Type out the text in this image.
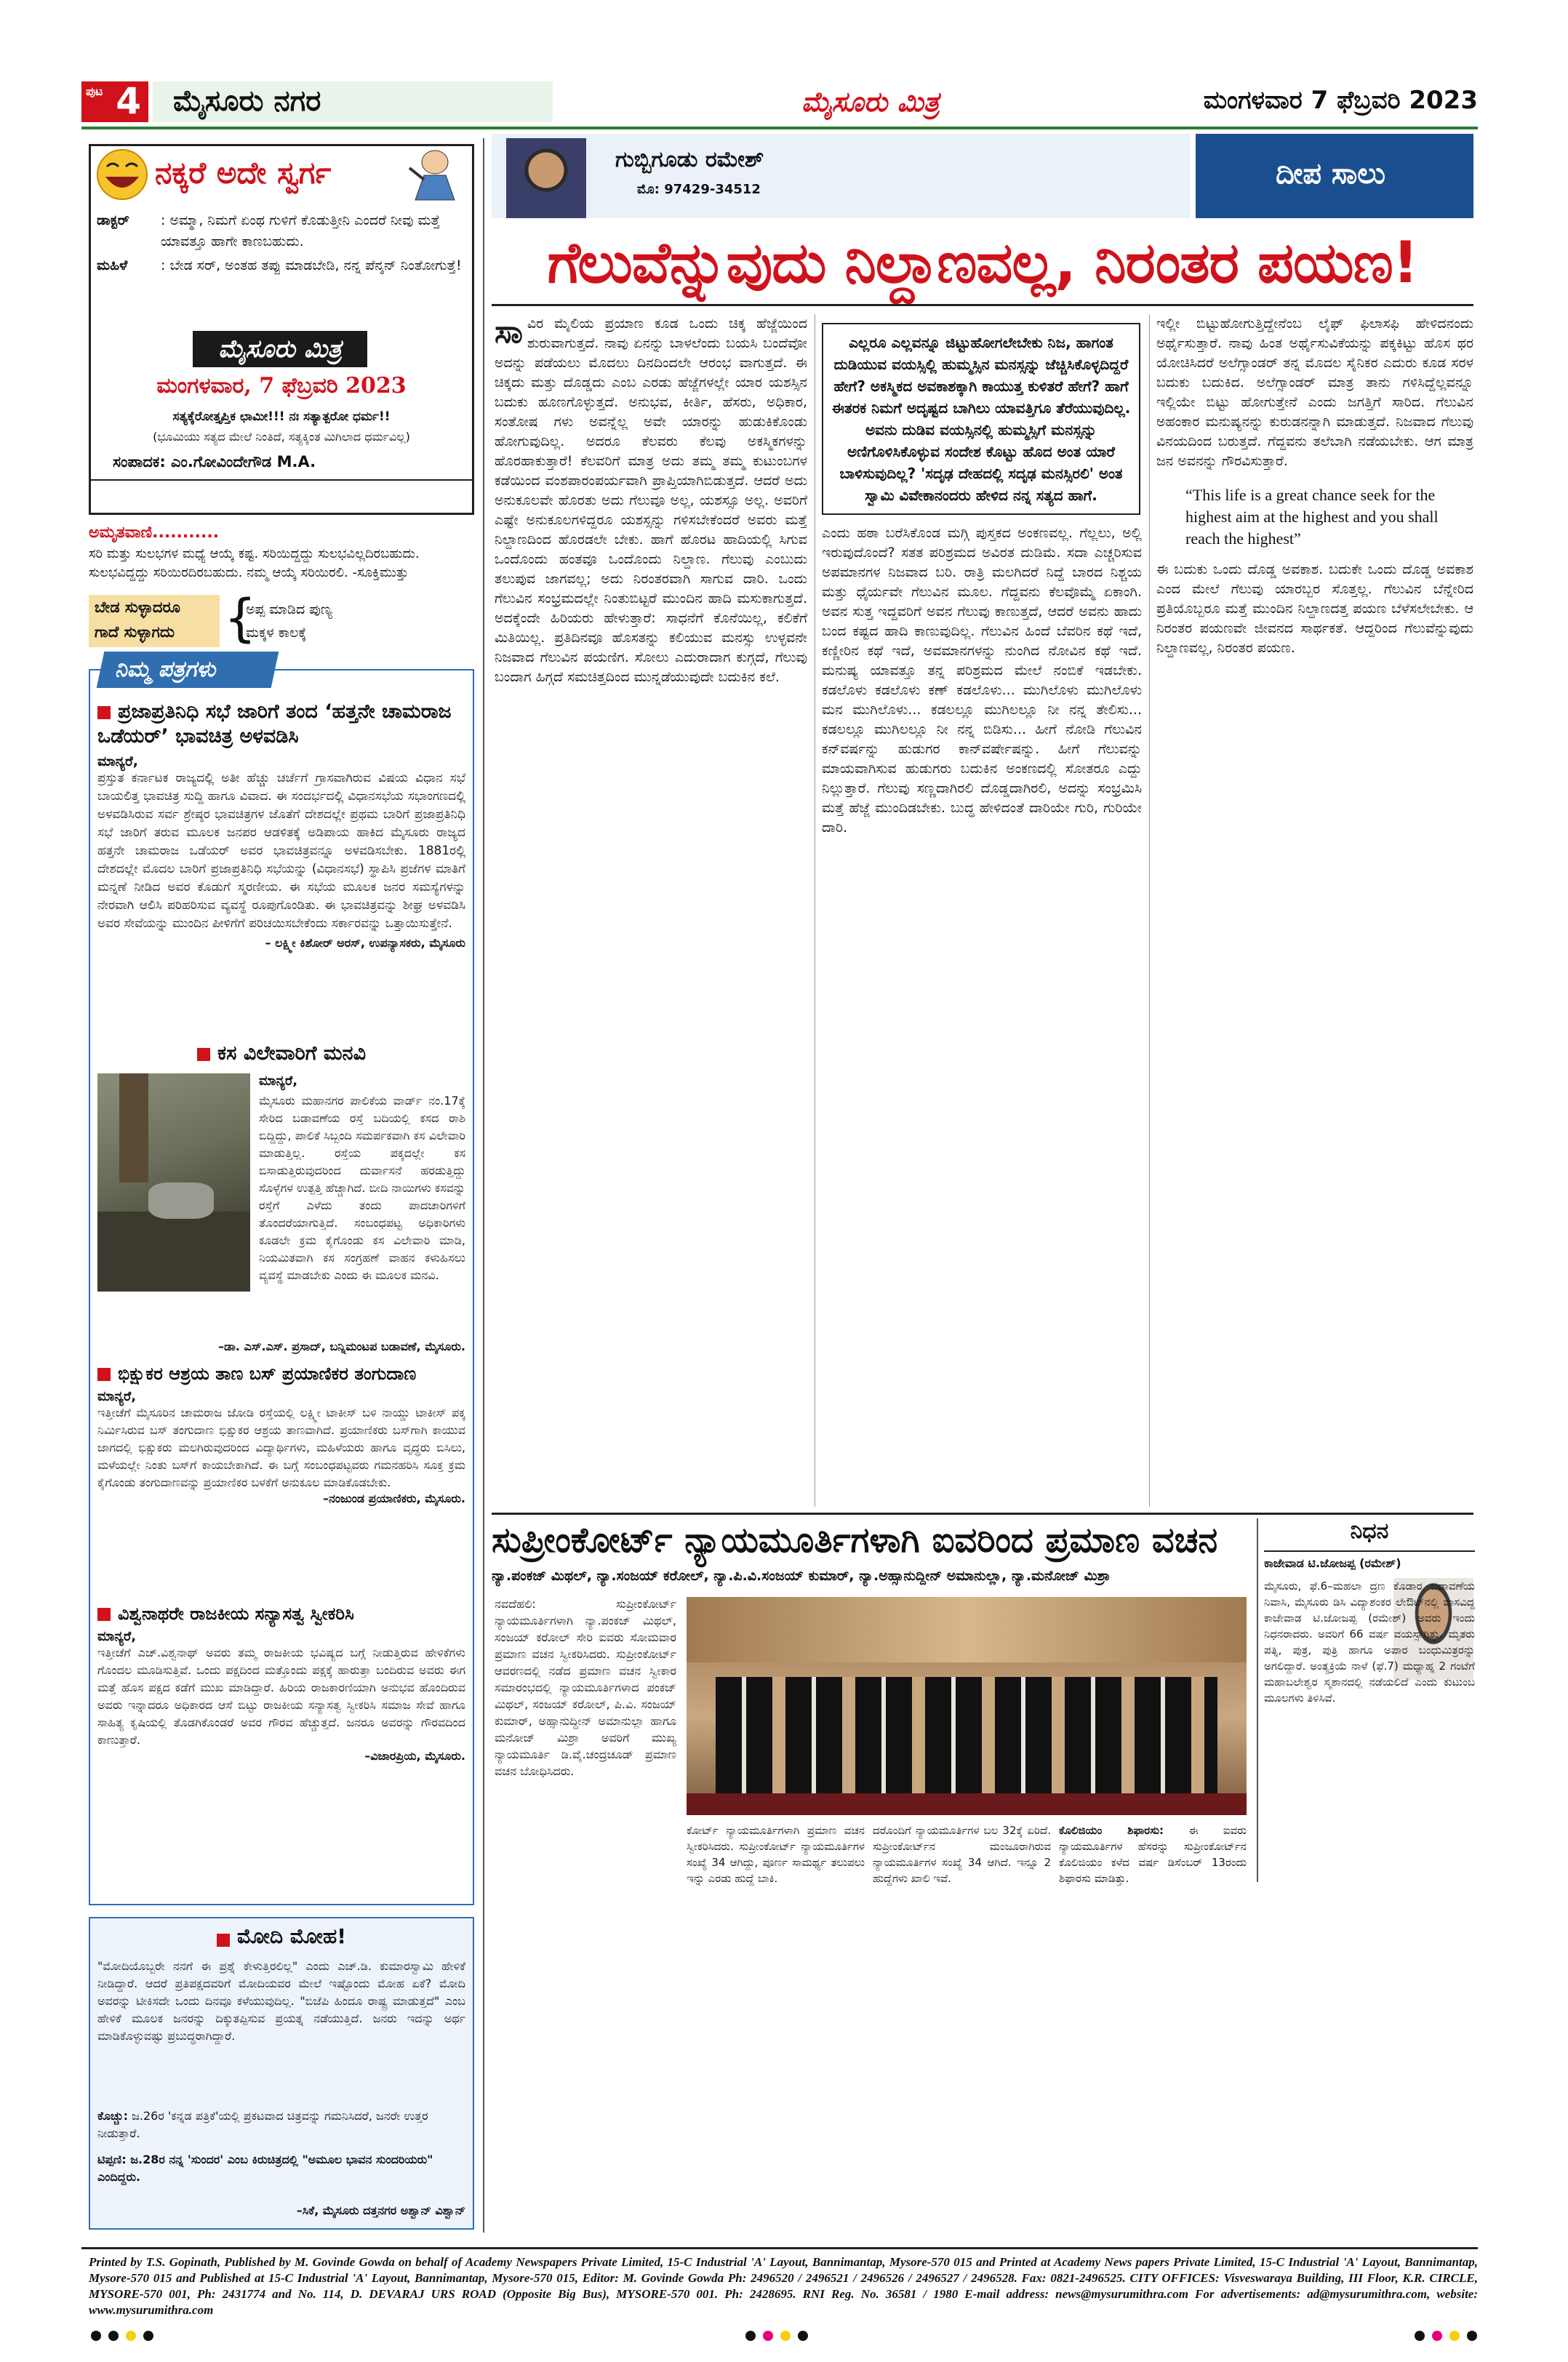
ಪುಟ 4 ಮೈಸೂರು ನಗರ	ಮೈಸೂರು ಮಿತ್ರ	ಮಂಗಳವಾರ 7 ಫೆಬ್ರವರಿ 2023
ನಕ್ಕರೆ ಅದೇ ಸ್ವರ್ಗ
ಡಾಕ್ಟರ್	: ಅಮ್ಮಾ, ನಿಮಗೆ ಏಂಥ ಗುಳಿಗೆ ಕೊಡುತ್ತೀನಿ ಎಂದರೆ ನೀವು ಮತ್ತೆ ಯಾವತ್ತೂ ಹಾಗೇ ಕಾಣಬಹುದು.
ಮಹಿಳೆ	: ಬೇಡ ಸರ್, ಅಂತಹ ತಪ್ಪು ಮಾಡಬೇಡಿ, ನನ್ನ ಪೆನ್ಶನ್ ನಿಂತೋಗುತ್ತೆ!
ಮೈಸೂರು ಮಿತ್ರ
ಮಂಗಳವಾರ, 7 ಫೆಬ್ರವರಿ 2023
ಸತ್ಯಕ್ಕೆರೋತ್ತೃಪ್ತಿಕ ಛಾಮೀ!!! ನಃ ಸತ್ಯಾತ್ಪರೋ ಧರ್ಮ!!
(ಭೂಮಿಯು ಸತ್ಯದ ಮೇಲೆ ನಿಂತಿದೆ, ಸತ್ಯಕ್ಕಿಂತ ಮಿಗಿಲಾದ ಧರ್ಮವಿಲ್ಲ)
ಸಂಪಾದಕ: ಎಂ.ಗೋವಿಂದೇಗೌಡ M.A.
ಅಮೃತವಾಣಿ...........
ಸರಿ ಮತ್ತು ಸುಲಭಗಳ ಮಧ್ಯೆ ಆಯ್ಕೆ ಕಷ್ಟ. ಸರಿಯಿದ್ದದ್ದು ಸುಲಭವಿಲ್ಲದಿರಬಹುದು. ಸುಲಭವಿದ್ದದ್ದು ಸರಿಯಿರದಿರಬಹುದು. ನಮ್ಮ ಆಯ್ಕೆ ಸರಿಯಿರಲಿ. -ಸೂಕ್ತಿಮುತ್ತು
ಬೇಡ ಸುಳ್ಳಾದರೂ
ಗಾದೆ ಸುಳ್ಳಾಗದು {
ಅಪ್ಪ ಮಾಡಿದ ಪುಣ್ಯ
ಮಕ್ಕಳ ಕಾಲಕ್ಕೆ
ನಿಮ್ಮ ಪತ್ರಗಳು
ಪ್ರಜಾಪ್ರತಿನಿಧಿ ಸಭೆ ಜಾರಿಗೆ ತಂದ ‘ಹತ್ತನೇ ಚಾಮರಾಜ ಒಡೆಯರ್’ ಭಾವಚಿತ್ರ ಅಳವಡಿಸಿ
ಮಾನ್ಯರೆ,
ಪ್ರಸ್ತುತ ಕರ್ನಾಟಕ ರಾಜ್ಯದಲ್ಲಿ ಅತೀ ಹೆಚ್ಚು ಚರ್ಚೆಗೆ ಗ್ರಾಸವಾಗಿರುವ ವಿಷಯ ವಿಧಾನ ಸಭೆ ಬಾಯಲಿತ್ತ ಭಾವಚಿತ್ರ ಸುದ್ದಿ ಹಾಗೂ ವಿವಾದ. ಈ ಸಂದರ್ಭದಲ್ಲಿ ವಿಧಾನಸಭೆಯ ಸಭಾಂಗಣದಲ್ಲಿ ಅಳವಡಿಸಿರುವ ಸರ್ವ ಶ್ರೇಷ್ಠರ ಭಾವಚಿತ್ರಗಳ ಜೊತೆಗೆ ದೇಶದಲ್ಲೇ ಪ್ರಥಮ ಬಾರಿಗೆ ಪ್ರಜಾಪ್ರತಿನಿಧಿ ಸಭೆ ಜಾರಿಗೆ ತರುವ ಮೂಲಕ ಜನಪರ ಆಡಳಿತಕ್ಕೆ ಅಡಿಪಾಯ ಹಾಕಿದ ಮೈಸೂರು ರಾಜ್ಯದ ಹತ್ತನೇ ಚಾಮರಾಜ ಒಡೆಯರ್ ಅವರ ಭಾವಚಿತ್ರವನ್ನೂ ಅಳವಡಿಸಬೇಕು. 1881ರಲ್ಲಿ ದೇಶದಲ್ಲೇ ಮೊದಲ ಬಾರಿಗೆ ಪ್ರಜಾಪ್ರತಿನಿಧಿ ಸಭೆಯನ್ನು (ವಿಧಾನಸಭೆ) ಸ್ಥಾಪಿಸಿ ಪ್ರಜೆಗಳ ಮಾತಿಗೆ ಮನ್ನಣೆ ನೀಡಿದ ಅವರ ಕೊಡುಗೆ ಸ್ಮರಣೀಯ. ಈ ಸಭೆಯ ಮೂಲಕ ಜನರ ಸಮಸ್ಯೆಗಳನ್ನು ನೇರವಾಗಿ ಆಲಿಸಿ ಪರಿಹರಿಸುವ ವ್ಯವಸ್ಥೆ ರೂಪುಗೊಂಡಿತು. ಈ ಭಾವಚಿತ್ರವನ್ನು ಶೀಘ್ರ ಅಳವಡಿಸಿ ಅವರ ಸೇವೆಯನ್ನು ಮುಂದಿನ ಪೀಳಿಗೆಗೆ ಪರಿಚಯಿಸಬೇಕೆಂದು ಸರ್ಕಾರವನ್ನು ಒತ್ತಾಯಿಸುತ್ತೇನೆ.
– ಲಕ್ಷ್ಮೀ ಕಿಶೋರ್ ಅರಸ್, ಉಪನ್ಯಾಸಕರು, ಮೈಸೂರು
ಕಸ ವಿಲೇವಾರಿಗೆ ಮನವಿ
ಮಾನ್ಯರೆ,
ಮೈಸೂರು ಮಹಾನಗರ ಪಾಲಿಕೆಯ ವಾರ್ಡ್ ನಂ.17ಕ್ಕೆ ಸೇರಿದ ಬಡಾವಣೆಯ ರಸ್ತೆ ಬದಿಯಲ್ಲಿ ಕಸದ ರಾಶಿ ಬಿದ್ದಿದ್ದು, ಪಾಲಿಕೆ ಸಿಬ್ಬಂದಿ ಸಮರ್ಪಕವಾಗಿ ಕಸ ವಿಲೇವಾರಿ ಮಾಡುತ್ತಿಲ್ಲ. ರಸ್ತೆಯ ಪಕ್ಕದಲ್ಲೇ ಕಸ ಬಿಸಾಡುತ್ತಿರುವುದರಿಂದ ದುರ್ವಾಸನೆ ಹರಡುತ್ತಿದ್ದು ಸೊಳ್ಳೆಗಳ ಉತ್ಪತ್ತಿ ಹೆಚ್ಚಾಗಿದೆ. ಬೀದಿ ನಾಯಿಗಳು ಕಸವನ್ನು ರಸ್ತೆಗೆ ಎಳೆದು ತಂದು ಪಾದಚಾರಿಗಳಿಗೆ ತೊಂದರೆಯಾಗುತ್ತಿದೆ. ಸಂಬಂಧಪಟ್ಟ ಅಧಿಕಾರಿಗಳು ಕೂಡಲೇ ಕ್ರಮ ಕೈಗೊಂಡು ಕಸ ವಿಲೇವಾರಿ ಮಾಡಿ, ನಿಯಮಿತವಾಗಿ ಕಸ ಸಂಗ್ರಹಣೆ ವಾಹನ ಕಳುಹಿಸಲು ವ್ಯವಸ್ಥೆ ಮಾಡಬೇಕು ಎಂದು ಈ ಮೂಲಕ ಮನವಿ.
–ಡಾ. ಎಸ್.ಎಸ್. ಪ್ರಸಾದ್, ಬನ್ನಿಮಂಟಪ ಬಡಾವಣೆ, ಮೈಸೂರು.
ಭಿಕ್ಷುಕರ ಆಶ್ರಯ ತಾಣ ಬಸ್ ಪ್ರಯಾಣಿಕರ ತಂಗುದಾಣ
ಮಾನ್ಯರೆ,
ಇತ್ತೀಚೆಗೆ ಮೈಸೂರಿನ ಚಾಮರಾಜ ಜೋಡಿ ರಸ್ತೆಯಲ್ಲಿ ಲಕ್ಷ್ಮೀ ಟಾಕೀಸ್ ಬಳಿ ನಾಯ್ಡು ಟಾಕೀಸ್ ಪಕ್ಕ ನಿರ್ಮಿಸಿರುವ ಬಸ್ ತಂಗುದಾಣ ಭಿಕ್ಷುಕರ ಆಶ್ರಯ ತಾಣವಾಗಿದೆ. ಪ್ರಯಾಣಿಕರು ಬಸ್‌ಗಾಗಿ ಕಾಯುವ ಜಾಗದಲ್ಲಿ ಭಿಕ್ಷುಕರು ಮಲಗಿರುವುದರಿಂದ ವಿದ್ಯಾರ್ಥಿಗಳು, ಮಹಿಳೆಯರು ಹಾಗೂ ವೃದ್ಧರು ಬಿಸಿಲು, ಮಳೆಯಲ್ಲೇ ನಿಂತು ಬಸ್‌ಗೆ ಕಾಯಬೇಕಾಗಿದೆ. ಈ ಬಗ್ಗೆ ಸಂಬಂಧಪಟ್ಟವರು ಗಮನಹರಿಸಿ ಸೂಕ್ತ ಕ್ರಮ ಕೈಗೊಂಡು ತಂಗುದಾಣವನ್ನು ಪ್ರಯಾಣಿಕರ ಬಳಕೆಗೆ ಅನುಕೂಲ ಮಾಡಿಕೊಡಬೇಕು.
–ನಂಜುಂಡ ಪ್ರಯಾಣಿಕರು, ಮೈಸೂರು.
ವಿಶ್ವನಾಥರೇ ರಾಜಕೀಯ ಸನ್ಯಾಸತ್ವ ಸ್ವೀಕರಿಸಿ
ಮಾನ್ಯರೆ,
ಇತ್ತೀಚೆಗೆ ಎಚ್.ವಿಶ್ವನಾಥ್ ಅವರು ತಮ್ಮ ರಾಜಕೀಯ ಭವಿಷ್ಯದ ಬಗ್ಗೆ ನೀಡುತ್ತಿರುವ ಹೇಳಿಕೆಗಳು ಗೊಂದಲ ಮೂಡಿಸುತ್ತಿವೆ. ಒಂದು ಪಕ್ಷದಿಂದ ಮತ್ತೊಂದು ಪಕ್ಷಕ್ಕೆ ಹಾರುತ್ತಾ ಬಂದಿರುವ ಅವರು ಈಗ ಮತ್ತೆ ಹೊಸ ಪಕ್ಷದ ಕಡೆಗೆ ಮುಖ ಮಾಡಿದ್ದಾರೆ. ಹಿರಿಯ ರಾಜಕಾರಣಿಯಾಗಿ ಅನುಭವ ಹೊಂದಿರುವ ಅವರು ಇನ್ನಾದರೂ ಅಧಿಕಾರದ ಆಸೆ ಬಿಟ್ಟು ರಾಜಕೀಯ ಸನ್ಯಾಸತ್ವ ಸ್ವೀಕರಿಸಿ ಸಮಾಜ ಸೇವೆ ಹಾಗೂ ಸಾಹಿತ್ಯ ಕೃಷಿಯಲ್ಲಿ ತೊಡಗಿಕೊಂಡರೆ ಅವರ ಗೌರವ ಹೆಚ್ಚುತ್ತದೆ. ಜನರೂ ಅವರನ್ನು ಗೌರವದಿಂದ ಕಾಣುತ್ತಾರೆ.
–ವಿಜಾರಪ್ರಿಯ, ಮೈಸೂರು.
ಮೋದಿ ಮೋಹ!
"ಮೋದಿಯೊಬ್ಬರೇ ನನಗೆ ಈ ಪ್ರಶ್ನೆ ಕೇಳುತ್ತಿರಲಿಲ್ಲ" ಎಂದು ಎಚ್.ಡಿ. ಕುಮಾರಸ್ವಾಮಿ ಹೇಳಿಕೆ ನೀಡಿದ್ದಾರೆ. ಆದರೆ ಪ್ರತಿಪಕ್ಷದವರಿಗೆ ಮೋದಿಯವರ ಮೇಲೆ ಇಷ್ಟೊಂದು ಮೋಹ ಏಕೆ? ಮೋದಿ ಅವರನ್ನು ಟೀಕಿಸದೇ ಒಂದು ದಿನವೂ ಕಳೆಯುವುದಿಲ್ಲ. "ಬಿಜೆಪಿ ಹಿಂದೂ ರಾಷ್ಟ್ರ ಮಾಡುತ್ತದೆ" ಎಂಬ ಹೇಳಿಕೆ ಮೂಲಕ ಜನರನ್ನು ದಿಕ್ಕುತಪ್ಪಿಸುವ ಪ್ರಯತ್ನ ನಡೆಯುತ್ತಿದೆ. ಜನರು ಇದನ್ನು ಅರ್ಥ ಮಾಡಿಕೊಳ್ಳುವಷ್ಟು ಪ್ರಬುದ್ಧರಾಗಿದ್ದಾರೆ.
ಕೊಚ್ಚು: ಜ.26ರ 'ಕನ್ನಡ ಪತ್ರಿಕೆ'ಯಲ್ಲಿ ಪ್ರಕಟವಾದ ಚಿತ್ರವನ್ನು ಗಮನಿಸಿದರೆ, ಜನರೇ ಉತ್ತರ ನೀಡುತ್ತಾರೆ.
ಟಿಪ್ಪಣಿ: ಜ.28ರ ನನ್ನ 'ಸುಂದರ' ಎಂಬ ಕಿರುಚಿತ್ರದಲ್ಲಿ "ಅಮೂಲ ಭಾವನ ಸುಂದರಿಯರು" ಎಂದಿದ್ದರು.
–ಸಿಕೆ, ಮೈಸೂರು ದತ್ತನಗರ ಅಶ್ವಾನ್ ವಿಶ್ವಾನ್
ಗುಬ್ಬಿಗೂಡು ರಮೇಶ್
ಮೊ: 97429-34512	ದೀಪ ಸಾಲು
ಗೆಲುವೆನ್ನುವುದು ನಿಲ್ದಾಣವಲ್ಲ, ನಿರಂತರ ಪಯಣ!
ಸಾ ವಿರ ಮೈಲಿಯ ಪ್ರಯಾಣ ಕೂಡ ಒಂದು ಚಿಕ್ಕ ಹೆಜ್ಜೆಯಿಂದ ಶುರುವಾಗುತ್ತದೆ. ನಾವು ಏನನ್ನು ಬಾಳಲೆಂದು ಬಯಸಿ ಬಂದೆವೋ ಅದನ್ನು ಪಡೆಯಲು ಮೊದಲು ದಿನದಿಂದಲೇ ಆರಂಭ ವಾಗುತ್ತದೆ. ಈ ಚಿಕ್ಕದು ಮತ್ತು ದೊಡ್ಡದು ಎಂಬ ಎರಡು ಹೆಜ್ಜೆಗಳಲ್ಲೇ ಯಾರ ಯಶಸ್ಸಿನ ಬದುಕು ಹೂಣಗೊಳ್ಳುತ್ತದೆ. ಅನುಭವ, ಕೀರ್ತಿ, ಹೆಸರು, ಅಧಿಕಾರ, ಸಂತೋಷ ಗಳು ಅವನ್ನೆಲ್ಲ ಅವೇ ಯಾರನ್ನು ಹುಡುಕಿಕೊಂಡು ಹೋಗುವುದಿಲ್ಲ. ಅದರೂ ಕೆಲವರು ಕೆಲವು ಅಕಸ್ಮಿಕಗಳನ್ನು ಹೊರಹಾಕುತ್ತಾರೆ! ಕೆಲವರಿಗೆ ಮಾತ್ರ ಅದು ತಮ್ಮ ತಮ್ಮ ಕುಟುಂಬಗಳ ಕಡೆಯಿಂದ ವಂಶಪಾರಂಪರ್ಯವಾಗಿ ಪ್ರಾಪ್ತಿಯಾಗಿಬಿಡುತ್ತದೆ. ಆದರೆ ಅದು ಅನುಕೂಲವೇ ಹೊರತು ಅದು ಗೆಲುವೂ ಅಲ್ಲ, ಯಶಸ್ಸೂ ಅಲ್ಲ. ಅವರಿಗೆ ಎಷ್ಟೇ ಅನುಕೂಲಗಳಿದ್ದರೂ ಯಶಸ್ಸನ್ನು ಗಳಿಸಬೇಕೆಂದರೆ ಅವರು ಮತ್ತೆ ನಿಲ್ದಾಣದಿಂದ ಹೊರಡಲೇ ಬೇಕು. ಹಾಗೆ ಹೊರಟ ಹಾದಿಯಲ್ಲಿ ಸಿಗುವ ಒಂದೊಂದು ಹಂತವೂ ಒಂದೊಂದು ನಿಲ್ದಾಣ. ಗೆಲುವು ಎಂಬುದು ತಲುಪುವ ಜಾಗವಲ್ಲ; ಅದು ನಿರಂತರವಾಗಿ ಸಾಗುವ ದಾರಿ. ಒಂದು ಗೆಲುವಿನ ಸಂಭ್ರಮದಲ್ಲೇ ನಿಂತುಬಿಟ್ಟರೆ ಮುಂದಿನ ಹಾದಿ ಮಸುಕಾಗುತ್ತದೆ. ಅದಕ್ಕೆಂದೇ ಹಿರಿಯರು ಹೇಳುತ್ತಾರೆ: ಸಾಧನೆಗೆ ಕೊನೆಯಿಲ್ಲ, ಕಲಿಕೆಗೆ ಮಿತಿಯಿಲ್ಲ. ಪ್ರತಿದಿನವೂ ಹೊಸತನ್ನು ಕಲಿಯುವ ಮನಸ್ಸು ಉಳ್ಳವನೇ ನಿಜವಾದ ಗೆಲುವಿನ ಪಯಣಿಗ. ಸೋಲು ಎದುರಾದಾಗ ಕುಗ್ಗದೆ, ಗೆಲುವು ಬಂದಾಗ ಹಿಗ್ಗದೆ ಸಮಚಿತ್ತದಿಂದ ಮುನ್ನಡೆಯುವುದೇ ಬದುಕಿನ ಕಲೆ.
ಎಲ್ಲರೂ ಎಲ್ಲವನ್ನೂ ಜಿಟ್ಟುಹೋಗಲೇಬೇಕು ನಿಜ, ಹಾಗಂತ ದುಡಿಯುವ ವಯಸ್ಸಿಲ್ಲಿ ಹುಮ್ಮಸ್ಸಿನ ಮನಸ್ಸನ್ನು ಜೆಚ್ಚಿಸಿಕೊಳ್ಳದಿದ್ದರೆ ಹೇಗೆ? ಅಕಸ್ಮಿಕದ ಅವಕಾಶಕ್ಕಾಗಿ ಕಾಯುತ್ತ ಕುಳಿತರೆ ಹೇಗೆ? ಹಾಗೆ ಈತರಕ ನಿಮಗೆ ಅದೃಷ್ಟದ ಬಾಗಿಲು ಯಾವತ್ತಿಗೂ ತೆರೆಯುವುದಿಲ್ಲ. ಅವನು ದುಡಿವ ವಯಸ್ಸಿನಲ್ಲಿ ಹುಮ್ಮಸ್ಸಿಗೆ ಮನಸ್ಸನ್ನು ಅಣಿಗೊಳಿಸಿಕೊಳ್ಳುವ ಸಂದೇಶ ಕೊಟ್ಟು ಹೊದ ಅಂತ ಯಾರೆ ಬಾಳಿಸುವುದಿಲ್ಲ? 'ಸದೃಢ ದೇಹದಲ್ಲಿ ಸದೃಢ ಮನಸ್ಸಿರಲಿ' ಅಂತ ಸ್ವಾಮಿ ವಿವೇಕಾನಂದರು ಹೇಳಿದ ನನ್ನ ಸತ್ಯದ ಹಾಗೆ.
ಎಂದು ಹಠಾ ಬರೆಸಿಕೊಂಡ ಮಗ್ಗಿ ಪುಸ್ತಕದ ಅಂಕಣವಲ್ಲ. ಗೆಲ್ಲಲು, ಅಲ್ಲಿ ಇರುವುದೊಂದೆ? ಸತತ ಪರಿಶ್ರಮದ ಅವಿರತ ದುಡಿಮೆ. ಸದಾ ಎಚ್ಚರಿಸುವ ಅಪಮಾನಗಳ ನಿಜವಾದ ಬರಿ. ರಾತ್ರಿ ಮಲಗಿದರೆ ನಿದ್ದೆ ಬಾರದ ನಿಶ್ಚಯ ಮತ್ತು ಧೈರ್ಯವೇ ಗೆಲುವಿನ ಮೂಲ. ಗೆದ್ದವನು ಕೆಲವೊಮ್ಮೆ ಏಕಾಂಗಿ. ಅವನ ಸುತ್ತ ಇದ್ದವರಿಗೆ ಅವನ ಗೆಲುವು ಕಾಣುತ್ತದೆ, ಆದರೆ ಅವನು ಹಾದು ಬಂದ ಕಷ್ಟದ ಹಾದಿ ಕಾಣುವುದಿಲ್ಲ. ಗೆಲುವಿನ ಹಿಂದೆ ಬೆವರಿನ ಕಥೆ ಇದೆ, ಕಣ್ಣೀರಿನ ಕಥೆ ಇದೆ, ಅವಮಾನಗಳನ್ನು ನುಂಗಿದ ನೋವಿನ ಕಥೆ ಇದೆ. ಮನುಷ್ಯ ಯಾವತ್ತೂ ತನ್ನ ಪರಿಶ್ರಮದ ಮೇಲೆ ನಂಬಿಕೆ ಇಡಬೇಕು. ಕಡಲೊಳು ಕಡಲೊಳು ಕಣ್ ಕಡಲೊಳು... ಮುಗಿಲೊಳು ಮುಗಿಲೊಳು ಮನ ಮುಗಿಲೊಳು... ಕಡಲಲ್ಲೂ ಮುಗಿಲಲ್ಲೂ ನೀ ನನ್ನ ತೇಲಿಸು... ಕಡಲಲ್ಲೂ ಮುಗಿಲಲ್ಲೂ ನೀ ನನ್ನ ಬಿಡಿಸು... ಹೀಗೆ ನೋಡಿ ಗೆಲುವಿನ ಕನ್‌ವರ್ಷನ್ನು ಹುಡುಗರ ಕಾನ್‌ವರ್ಷೇಷನ್ನು. ಹೀಗೆ ಗೆಲುವನ್ನು ಮಾಯವಾಗಿಸುವ ಹುಡುಗರು ಬದುಕಿನ ಅಂಕಣದಲ್ಲಿ ಸೋತರೂ ಎದ್ದು ನಿಲ್ಲುತ್ತಾರೆ. ಗೆಲುವು ಸಣ್ಣದಾಗಿರಲಿ ದೊಡ್ಡದಾಗಿರಲಿ, ಅದನ್ನು ಸಂಭ್ರಮಿಸಿ ಮತ್ತೆ ಹೆಜ್ಜೆ ಮುಂದಿಡಬೇಕು. ಬುದ್ಧ ಹೇಳಿದಂತೆ ದಾರಿಯೇ ಗುರಿ, ಗುರಿಯೇ ದಾರಿ.
ಇಲ್ಲೀ ಬಿಟ್ಟುಹೋಗುತ್ತಿದ್ದೇನೆಂಬ ಲೈಫ್ ಫಿಲಾಸಫಿ ಹೇಳಿದನಂದು ಅರ್ಥೈಸುತ್ತಾರೆ. ನಾವು ಹಿಂತ ಅರ್ಥೈಸುವಿಕೆಯನ್ನು ಪಕ್ಕಕಿಟ್ಟು ಹೊಸ ಥರ ಯೋಚಿಸಿದರೆ ಅಲೆಗ್ಸಾಂಡರ್ ತನ್ನ ಮೊದಲ ಸೈನಿಕರ ಎದುರು ಕೂಡ ಸರಳ ಬದುಕು ಬದುಕಿದ. ಅಲೆಗ್ಸಾಂಡರ್ ಮಾತ್ರ ತಾನು ಗಳಿಸಿದ್ದೆಲ್ಲವನ್ನೂ ಇಲ್ಲಿಯೇ ಬಿಟ್ಟು ಹೋಗುತ್ತೇನೆ ಎಂದು ಜಗತ್ತಿಗೆ ಸಾರಿದ. ಗೆಲುವಿನ ಅಹಂಕಾರ ಮನುಷ್ಯನನ್ನು ಕುರುಡನನ್ನಾಗಿ ಮಾಡುತ್ತದೆ. ನಿಜವಾದ ಗೆಲುವು ವಿನಯದಿಂದ ಬರುತ್ತದೆ. ಗೆದ್ದವನು ತಲೆಬಾಗಿ ನಡೆಯಬೇಕು. ಆಗ ಮಾತ್ರ ಜನ ಅವನನ್ನು ಗೌರವಿಸುತ್ತಾರೆ.
“This life is a great chance seek for the highest aim at the highest and you shall reach the highest”
ಈ ಬದುಕು ಒಂದು ದೊಡ್ಡ ಅವಕಾಶ. ಬದುಕೇ ಒಂದು ದೊಡ್ಡ ಅವಕಾಶ ಎಂದ ಮೇಲೆ ಗೆಲುವು ಯಾರಬ್ಬರ ಸೊತ್ತಲ್ಲ. ಗೆಲುವಿನ ಬೆನ್ನೇರಿದ ಪ್ರತಿಯೊಬ್ಬರೂ ಮತ್ತೆ ಮುಂದಿನ ನಿಲ್ದಾಣದತ್ತ ಪಯಣ ಬೆಳೆಸಲೇಬೇಕು. ಆ ನಿರಂತರ ಪಯಣವೇ ಜೀವನದ ಸಾರ್ಥಕತೆ. ಆದ್ದರಿಂದ ಗೆಲುವೆನ್ನುವುದು ನಿಲ್ದಾಣವಲ್ಲ, ನಿರಂತರ ಪಯಣ.
ಸುಪ್ರೀಂಕೋರ್ಟ್ ನ್ಯಾಯಮೂರ್ತಿಗಳಾಗಿ ಐವರಿಂದ ಪ್ರಮಾಣ ವಚನ
ನ್ಯಾ.ಪಂಕಜ್ ಮಿಥಲ್, ನ್ಯಾ.ಸಂಜಯ್ ಕರೋಲ್, ನ್ಯಾ.ಪಿ.ವಿ.ಸಂಜಯ್ ಕುಮಾರ್, ನ್ಯಾ.ಅಹ್ಸಾನುದ್ದೀನ್ ಅಮಾನುಲ್ಲಾ, ನ್ಯಾ.ಮನೋಜ್ ಮಿಶ್ರಾ
ನವದೆಹಲಿ: ಸುಪ್ರೀಂಕೋರ್ಟ್ ನ್ಯಾಯಮೂರ್ತಿಗಳಾಗಿ ನ್ಯಾ.ಪಂಕಜ್ ಮಿಥಲ್, ಸಂಜಯ್ ಕರೋಲ್ ಸೇರಿ ಐವರು ಸೋಮವಾರ ಪ್ರಮಾಣ ವಚನ ಸ್ವೀಕರಿಸಿದರು. ಸುಪ್ರೀಂಕೋರ್ಟ್ ಆವರಣದಲ್ಲಿ ನಡೆದ ಪ್ರಮಾಣ ವಚನ ಸ್ವೀಕಾರ ಸಮಾರಂಭದಲ್ಲಿ ನ್ಯಾಯಮೂರ್ತಿಗಳಾದ ಪಂಕಜ್ ಮಿಥಲ್, ಸಂಜಯ್ ಕರೋಲ್, ಪಿ.ವಿ. ಸಂಜಯ್ ಕುಮಾರ್, ಅಹ್ಸಾನುದ್ದೀನ್ ಅಮಾನುಲ್ಲಾ ಹಾಗೂ ಮನೋಜ್ ಮಿಶ್ರಾ ಅವರಿಗೆ ಮುಖ್ಯ ನ್ಯಾಯಮೂರ್ತಿ ಡಿ.ವೈ.ಚಂದ್ರಚೂಡ್ ಪ್ರಮಾಣ ವಚನ ಬೋಧಿಸಿದರು.
ಕೋರ್ಟ್ ನ್ಯಾಯಮೂರ್ತಿಗಳಾಗಿ ಪ್ರಮಾಣ ವಚನ ಸ್ವೀಕರಿಸಿದರು. ಸುಪ್ರೀಂಕೋರ್ಟ್ ನ್ಯಾಯಮೂರ್ತಿಗಳ ಸಂಖ್ಯೆ 34 ಆಗಿದ್ದು, ಪೂರ್ಣ ಸಾಮರ್ಥ್ಯ ತಲುಪಲು ಇನ್ನು ಎರಡು ಹುದ್ದೆ ಬಾಕಿ.
ದರೊಂದಿಗೆ ನ್ಯಾಯಮೂರ್ತಿಗಳ ಬಲ 32ಕ್ಕೆ ಏರಿದೆ. ಸುಪ್ರೀಂಕೋರ್ಟ್‌ನ ಮಂಜೂರಾಗಿರುವ ನ್ಯಾಯಮೂರ್ತಿಗಳ ಸಂಖ್ಯೆ 34 ಆಗಿದೆ. ಇನ್ನೂ 2 ಹುದ್ದೆಗಳು ಖಾಲಿ ಇವೆ.
ಕೊಲಿಜಿಯಂ ಶಿಫಾರಸು: ಈ ಐವರು ನ್ಯಾಯಮೂರ್ತಿಗಳ ಹೆಸರನ್ನು ಸುಪ್ರೀಂಕೋರ್ಟ್‌ನ ಕೊಲಿಜಿಯಂ ಕಳೆದ ವರ್ಷ ಡಿಸೆಂಬರ್ 13ರಂದು ಶಿಫಾರಸು ಮಾಡಿತ್ತು.
ನಿಧನ
ಕಾಜೇವಾಡ ಟಿ.ಜೋಜಪ್ಪ (ರಮೇಶ್)
ಮೈಸೂರು, ಫೆ.6–ಮಹಲಾ ದ್ರಣ ಕೊಡಾರ ಬಡಾವಣೆಯ ನಿವಾಸಿ, ಮೈಸೂರು ಡಿಸಿ ವಿದ್ಯಾಶಂಕರ ಲೇಔಟ್‌ನಲ್ಲಿ ವಾಸವಿದ್ದ ಕಾಜೇವಾಡ ಟಿ.ಜೋಜಪ್ಪ (ರಮೇಶ್) ಅವರು ಇಂದು ನಿಧನರಾದರು. ಅವರಿಗೆ 66 ವರ್ಷ ವಯಸ್ಸಾಗಿತ್ತು. ಮೃತರು ಪತ್ನಿ, ಪುತ್ರ, ಪುತ್ರಿ ಹಾಗೂ ಅಪಾರ ಬಂಧುಮಿತ್ರರನ್ನು ಅಗಲಿದ್ದಾರೆ. ಅಂತ್ಯಕ್ರಿಯೆ ನಾಳೆ (ಫೆ.7) ಮಧ್ಯಾಹ್ನ 2 ಗಂಟೆಗೆ ಮಹಾಬಲೇಶ್ವರ ಸ್ಮಶಾನದಲ್ಲಿ ನಡೆಯಲಿದೆ ಎಂದು ಕುಟುಂಬ ಮೂಲಗಳು ತಿಳಿಸಿವೆ.
Printed by T.S. Gopinath, Published by M. Govinde Gowda on behalf of Academy Newspapers Private Limited, 15-C Industrial 'A' Layout, Bannimantap, Mysore-570 015 and Printed at Academy News papers Private Limited, 15-C Industrial 'A' Layout, Bannimantap, Mysore-570 015 and Published at 15-C Industrial 'A' Layout, Bannimantap, Mysore-570 015, Editor: M. Govinde Gowda Ph: 2496520 / 2496521 / 2496526 / 2496527 / 2496528. Fax: 0821-2496525. CITY OFFICES: Visveswaraya Building, III Floor, K.R. CIRCLE, MYSORE-570 001, Ph: 2431774 and No. 114, D. DEVARAJ URS ROAD (Opposite Big Bus), MYSORE-570 001. Ph: 2428695. RNI Reg. No. 36581 / 1980 E-mail address: news@mysurumithra.com For advertisements: ad@mysurumithra.com, website: www.mysurumithra.com
